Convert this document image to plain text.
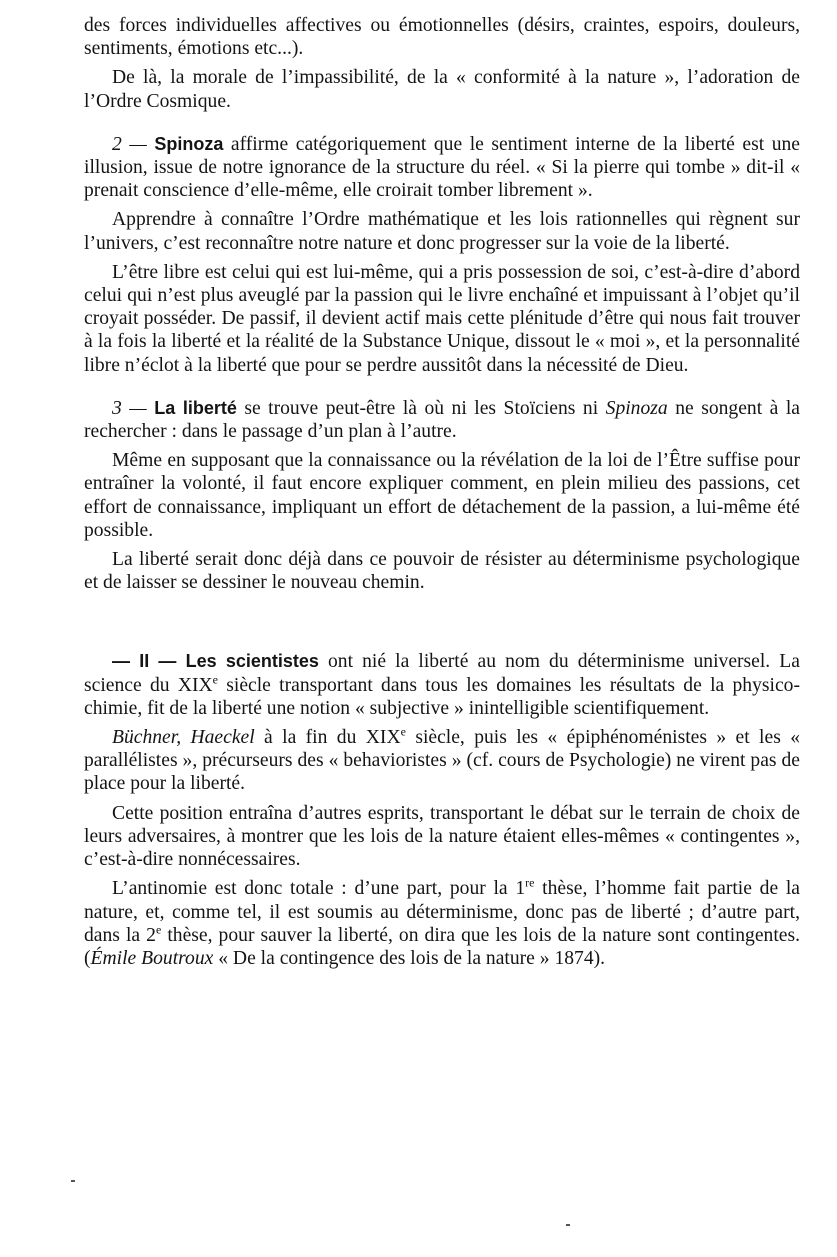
des forces individuelles affectives ou émotionnelles (désirs, craintes, espoirs, douleurs, sentiments, émotions etc...).

De là, la morale de l’impassibilité, de la « conformité à la nature », l’adoration de l’Ordre Cosmique.

2 — Spinoza affirme catégoriquement que le sentiment interne de la liberté est une illusion, issue de notre ignorance de la structure du réel. « Si la pierre qui tombe » dit-il « prenait conscience d’elle-même, elle croirait tomber librement ».

Apprendre à connaître l’Ordre mathématique et les lois rationnelles qui règnent sur l’univers, c’est reconnaître notre nature et donc progresser sur la voie de la liberté.

L’être libre est celui qui est lui-même, qui a pris possession de soi, c’est-à-dire d’abord celui qui n’est plus aveuglé par la passion qui le livre enchaîné et impuissant à l’objet qu’il croyait posséder. De passif, il devient actif mais cette plénitude d’être qui nous fait trouver à la fois la liberté et la réalité de la Substance Unique, dissout le « moi », et la personnalité libre n’éclot à la liberté que pour se perdre aussitôt dans la nécessité de Dieu.

3 — La liberté se trouve peut-être là où ni les Stoïciens ni Spinoza ne songent à la rechercher : dans le passage d’un plan à l’autre.

Même en supposant que la connaissance ou la révélation de la loi de l’Être suffise pour entraîner la volonté, il faut encore expliquer comment, en plein milieu des passions, cet effort de connaissance, impliquant un effort de détachement de la passion, a lui-même été possible.

La liberté serait donc déjà dans ce pouvoir de résister au déterminisme psychologique et de laisser se dessiner le nouveau chemin.

— II — Les scientistes ont nié la liberté au nom du déterminisme universel. La science du XIXe siècle transportant dans tous les domaines les résultats de la physico-chimie, fit de la liberté une notion « subjective » inintelligible scientifiquement.

Büchner, Haeckel à la fin du XIXe siècle, puis les « épiphénoménistes » et les « parallélistes », précurseurs des « behavioristes » (cf. cours de Psychologie) ne virent pas de place pour la liberté.

Cette position entraîna d’autres esprits, transportant le débat sur le terrain de choix de leurs adversaires, à montrer que les lois de la nature étaient elles-mêmes « contingentes », c’est-à-dire nonnécessaires.

L’antinomie est donc totale : d’une part, pour la 1re thèse, l’homme fait partie de la nature, et, comme tel, il est soumis au déterminisme, donc pas de liberté ; d’autre part, dans la 2e thèse, pour sauver la liberté, on dira que les lois de la nature sont contingentes. (Émile Boutroux « De la contingence des lois de la nature » 1874).
